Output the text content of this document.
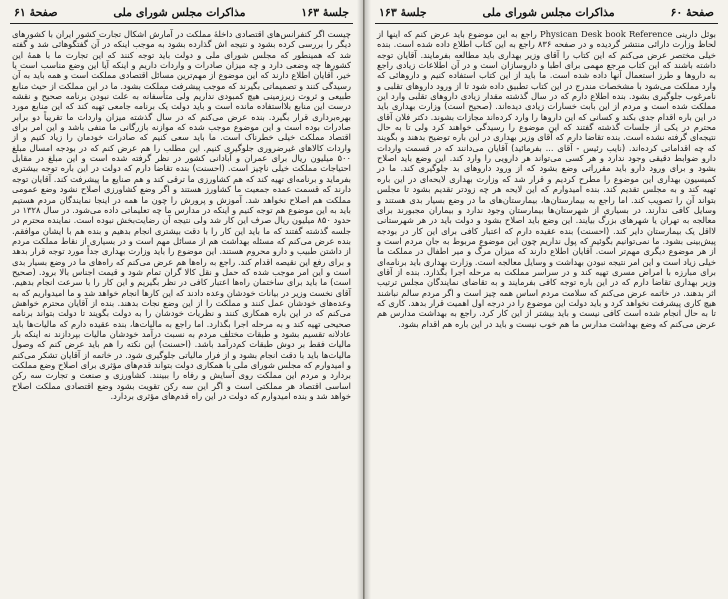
جلسهٔ ۱۶۳
مذاکرات مجلس شورای ملی
صفحهٔ ۶۱
چیست اگر کنفرانس‌های اقتصادی داخلهٔ مملکت در آمارش اشکال تجارت کشور ایران با کشورهای دیگر را بررسی کرده بشود و نتیجه اش گذارده بشود به موجب اینکه در آن گفتگوهائی شد و گفته شد که همینطور که مجلس شورای ملی و دولت باید توجه کنند که این تجارت ما با همهٔ این کشورها چه وضعی دارد و چه میزان صادرات و واردات داریم و اینکه آیا این وضع مناسب است یا خیر، آقایان اطلاع دارند که این موضوع از مهم‌ترین مسائل اقتصادی مملکت است و همه باید به آن رسیدگی کنند و تصمیماتی بگیرند که موجب پیشرفت مملکت بشود. ما در این مملکت از حیث منابع طبیعی و ثروت زیرزمینی هیچ کمبودی نداریم ولی متأسفانه به علت نبودن برنامه صحیح و نقشه درست این منابع بلااستفاده مانده است و باید دولت یک برنامه جامعی تهیه کند که این منابع مورد بهره‌برداری قرار بگیرد. بنده عرض می‌کنم که در سال گذشته میزان واردات ما تقریباً دو برابر صادرات بوده است و این موضوع موجب شده که موازنه بازرگانی ما منفی باشد و این امر برای اقتصاد مملکت خیلی خطرناک است. ما باید سعی کنیم که صادرات خودمان را زیاد کنیم و از واردات کالاهای غیرضروری جلوگیری کنیم. این مطلب را هم عرض کنم که در بودجه امسال مبلغ ۵۰۰ میلیون ریال برای عمران و آبادانی کشور در نظر گرفته شده است و این مبلغ در مقابل احتیاجات مملکت خیلی ناچیز است. (احسنت) بنده تقاضا دارم که دولت در این باره توجه بیشتری بفرماید و برنامه‌ای تهیه کند که هم کشاورزی ما ترقی کند و هم صنایع ما پیشرفت کند. آقایان توجه دارند که قسمت عمده جمعیت ما کشاورز هستند و اگر وضع کشاورزی اصلاح نشود وضع عمومی مملکت هم اصلاح نخواهد شد. آموزش و پرورش را چون ما همه در اینجا نمایندگان مردم هستیم باید به این موضوع هم توجه کنیم و اینکه در مدارس ما چه تعلیماتی داده می‌شود. در سال ۱۳۲۸ در حدود ۸۵۰ میلیون ریال صرف این کار شد ولی نتیجه آن رضایت‌بخش نبوده است. نماینده محترم در جلسه گذشته گفتند که ما باید این کار را با دقت بیشتری انجام بدهیم و بنده هم با ایشان موافقم. بنده عرض می‌کنم که مسئله بهداشت هم از مسائل مهم است و در بسیاری از نقاط مملکت مردم از داشتن طبیب و دارو محروم هستند. این موضوع را باید وزارت بهداری جداً مورد توجه قرار بدهد و برای رفع این نقیصه اقدام کند. راجع به راه‌ها هم عرض می‌کنم که راه‌های ما در وضع بسیار بدی است و این امر موجب شده که حمل و نقل کالا گران تمام شود و قیمت اجناس بالا برود. (صحیح است) ما باید برای ساختمان راه‌ها اعتبار کافی در نظر بگیریم و این کار را با سرعت انجام بدهیم. آقای نخست وزیر در بیانات خودشان وعده دادند که این کارها انجام خواهد شد و ما امیدواریم که به وعده‌های خودشان عمل کنند و مملکت را از این وضع نجات بدهند. بنده از آقایان محترم خواهش می‌کنم که در این باره همکاری کنند و نظریات خودشان را به دولت بگویند تا دولت بتواند برنامه صحیحی تهیه کند و به مرحله اجرا بگذارد. اما راجع به مالیات‌ها، بنده عقیده دارم که مالیات‌ها باید عادلانه تقسیم بشود و طبقات مختلف مردم به نسبت درآمد خودشان مالیات بپردازند نه اینکه بار مالیات فقط بر دوش طبقات کم‌درآمد باشد. (احسنت) این نکته را هم باید عرض کنم که وصول مالیات‌ها باید با دقت انجام بشود و از فرار مالیاتی جلوگیری شود. در خاتمه از آقایان تشکر می‌کنم و امیدوارم که مجلس شورای ملی با همکاری دولت بتواند قدم‌های مؤثری برای اصلاح وضع مملکت بردارد و مردم این مملکت روی آسایش و رفاه را ببینند. کشاورزی و صنعت و تجارت سه رکن اساسی اقتصاد هر مملکتی است و اگر این سه رکن تقویت بشود وضع اقتصادی مملکت اصلاح خواهد شد و بنده امیدوارم که دولت در این راه قدم‌های مؤثری بردارد.
صفحهٔ ۶۰
مذاکرات مجلس شورای ملی
جلسهٔ ۱۶۳
بوئل دارینی Physican Desk book Reference راجع به این موضوع باید عرض کنم که اینها از لحاظ وزارت دارائی منتشر گردیده و در صفحه ۸۳۶ راجع به این کتاب اطلاع داده شده است. بنده خیلی مختصر عرض می‌کنم که این کتاب را آقای وزیر بهداری باید مطالعه بفرمایند. آقایان توجه داشته باشند که این کتاب مرجع مهمی برای اطبا و داروسازان است و در آن اطلاعات زیادی راجع به داروها و طرز استعمال آنها داده شده است. ما باید از این کتاب استفاده کنیم و داروهائی که وارد مملکت می‌شود با مشخصات مندرج در این کتاب تطبیق داده شود تا از ورود داروهای تقلبی و نامرغوب جلوگیری بشود. بنده اطلاع دارم که در سال گذشته مقدار زیادی داروهای تقلبی وارد این مملکت شده است و مردم از این بابت خسارات زیادی دیده‌اند. (صحیح است) وزارت بهداری باید در این باره اقدام جدی بکند و کسانی که این داروها را وارد کرده‌اند مجازات بشوند. دکتر فلان آقای محترم در یکی از جلسات گذشته گفتند که این موضوع را رسیدگی خواهند کرد ولی تا به حال نتیجه‌ای گرفته نشده است. بنده تقاضا دارم که آقای وزیر بهداری در این باره توضیح بدهند و بگویند که چه اقداماتی کرده‌اند. (نایب رئیس - آقای ... بفرمائید) آقایان می‌دانند که در قسمت واردات دارو ضوابط دقیقی وجود ندارد و هر کسی می‌تواند هر دارویی را وارد کند. این وضع باید اصلاح بشود و برای ورود دارو باید مقرراتی وضع بشود که از ورود داروهای بد جلوگیری کند. ما در کمیسیون بهداری این موضوع را مطرح کردیم و قرار شد که وزارت بهداری لایحه‌ای در این باره تهیه کند و به مجلس تقدیم کند. بنده امیدوارم که این لایحه هر چه زودتر تقدیم بشود تا مجلس بتواند آن را تصویب کند. اما راجع به بیمارستان‌ها، بیمارستان‌های ما در وضع بسیار بدی هستند و وسایل کافی ندارند. در بسیاری از شهرستان‌ها بیمارستان وجود ندارد و بیماران مجبورند برای معالجه به تهران یا شهرهای بزرگ بیایند. این وضع باید اصلاح بشود و دولت باید در هر شهرستانی لااقل یک بیمارستان دایر کند. (احسنت) بنده عقیده دارم که اعتبار کافی برای این کار در بودجه پیش‌بینی بشود. ما نمی‌توانیم بگوئیم که پول نداریم چون این موضوع مربوط به جان مردم است و از هر موضوع دیگری مهم‌تر است. آقایان اطلاع دارند که میزان مرگ و میر اطفال در مملکت ما خیلی زیاد است و این امر نتیجه نبودن بهداشت و وسایل معالجه است. وزارت بهداری باید برنامه‌ای برای مبارزه با امراض مسری تهیه کند و در سراسر مملکت به مرحله اجرا بگذارد. بنده از آقای وزیر بهداری تقاضا دارم که در این باره توجه کافی بفرمایند و به تقاضای نمایندگان مجلس ترتیب اثر بدهند. در خاتمه عرض می‌کنم که سلامت مردم اساس همه چیز است و اگر مردم سالم نباشند هیچ کاری پیشرفت نخواهد کرد و باید دولت این موضوع را در درجه اول اهمیت قرار بدهد. کاری که تا به حال انجام شده است کافی نیست و باید بیشتر از این کار کرد. راجع به بهداشت مدارس هم عرض می‌کنم که وضع بهداشت مدارس ما هم خوب نیست و باید در این باره هم اقدام بشود.
